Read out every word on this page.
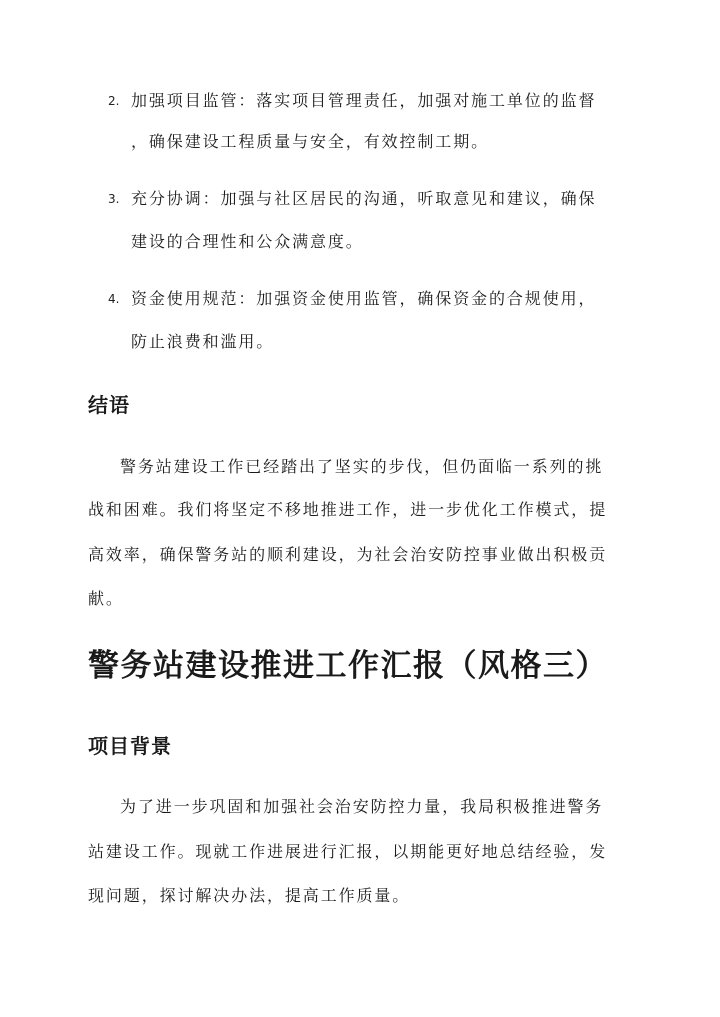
2. 加强项目监管：落实项目管理责任，加强对施工单位的监督
，确保建设工程质量与安全，有效控制工期。
3. 充分协调：加强与社区居民的沟通，听取意见和建议，确保
建设的合理性和公众满意度。
4. 资金使用规范：加强资金使用监管，确保资金的合规使用，
防止浪费和滥用。
结语
警务站建设工作已经踏出了坚实的步伐，但仍面临一系列的挑
战和困难。我们将坚定不移地推进工作，进一步优化工作模式，提
高效率，确保警务站的顺利建设，为社会治安防控事业做出积极贡
献。
警务站建设推进工作汇报（风格三）
项目背景
为了进一步巩固和加强社会治安防控力量，我局积极推进警务
站建设工作。现就工作进展进行汇报，以期能更好地总结经验，发
现问题，探讨解决办法，提高工作质量。
